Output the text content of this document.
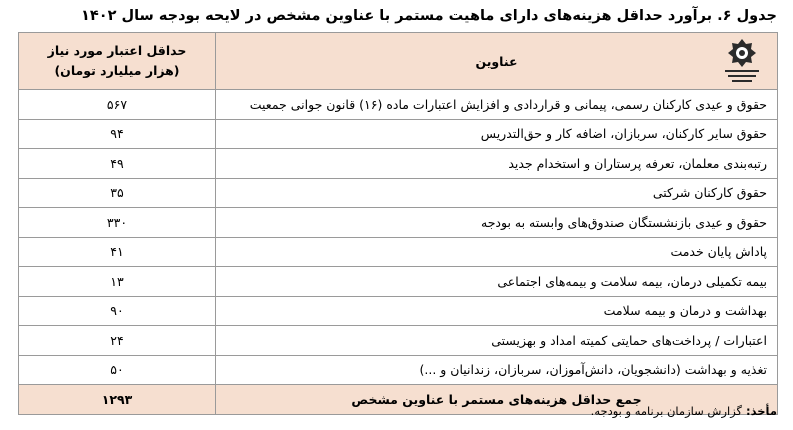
جدول ۶. برآورد حداقل هزینه‌های دارای ماهیت مستمر با عناوین مشخص در لایحه بودجه سال ۱۴۰۲
عناوین	حداقل اعتبار مورد نیاز
(هزار میلیارد تومان)

حقوق و عیدی کارکنان رسمی، پیمانی و قراردادی و افزایش اعتبارات ماده (۱۶) قانون جوانی جمعیت	۵۶۷
حقوق سایر کارکنان، سربازان، اضافه کار و حق‌التدریس	۹۴
رتبه‌بندی معلمان، تعرفه پرستاران و استخدام جدید	۴۹
حقوق کارکنان شرکتی	۳۵
حقوق و عیدی بازنشستگان صندوق‌های وابسته به بودجه	۳۳۰
پاداش پایان خدمت	۴۱
بیمه تکمیلی درمان، بیمه سلامت و بیمه‌های اجتماعی	۱۳
بهداشت و درمان و بیمه سلامت	۹۰
اعتبارات / پرداخت‌های حمایتی کمیته امداد و بهزیستی	۲۴
تغذیه و بهداشت (دانشجویان، دانش‌آموزان، سربازان، زندانیان و ...)	۵۰
جمع حداقل هزینه‌های مستمر با عناوین مشخص	۱۲۹۳
مأخذ:گزارش سازمان برنامه و بودجه.
